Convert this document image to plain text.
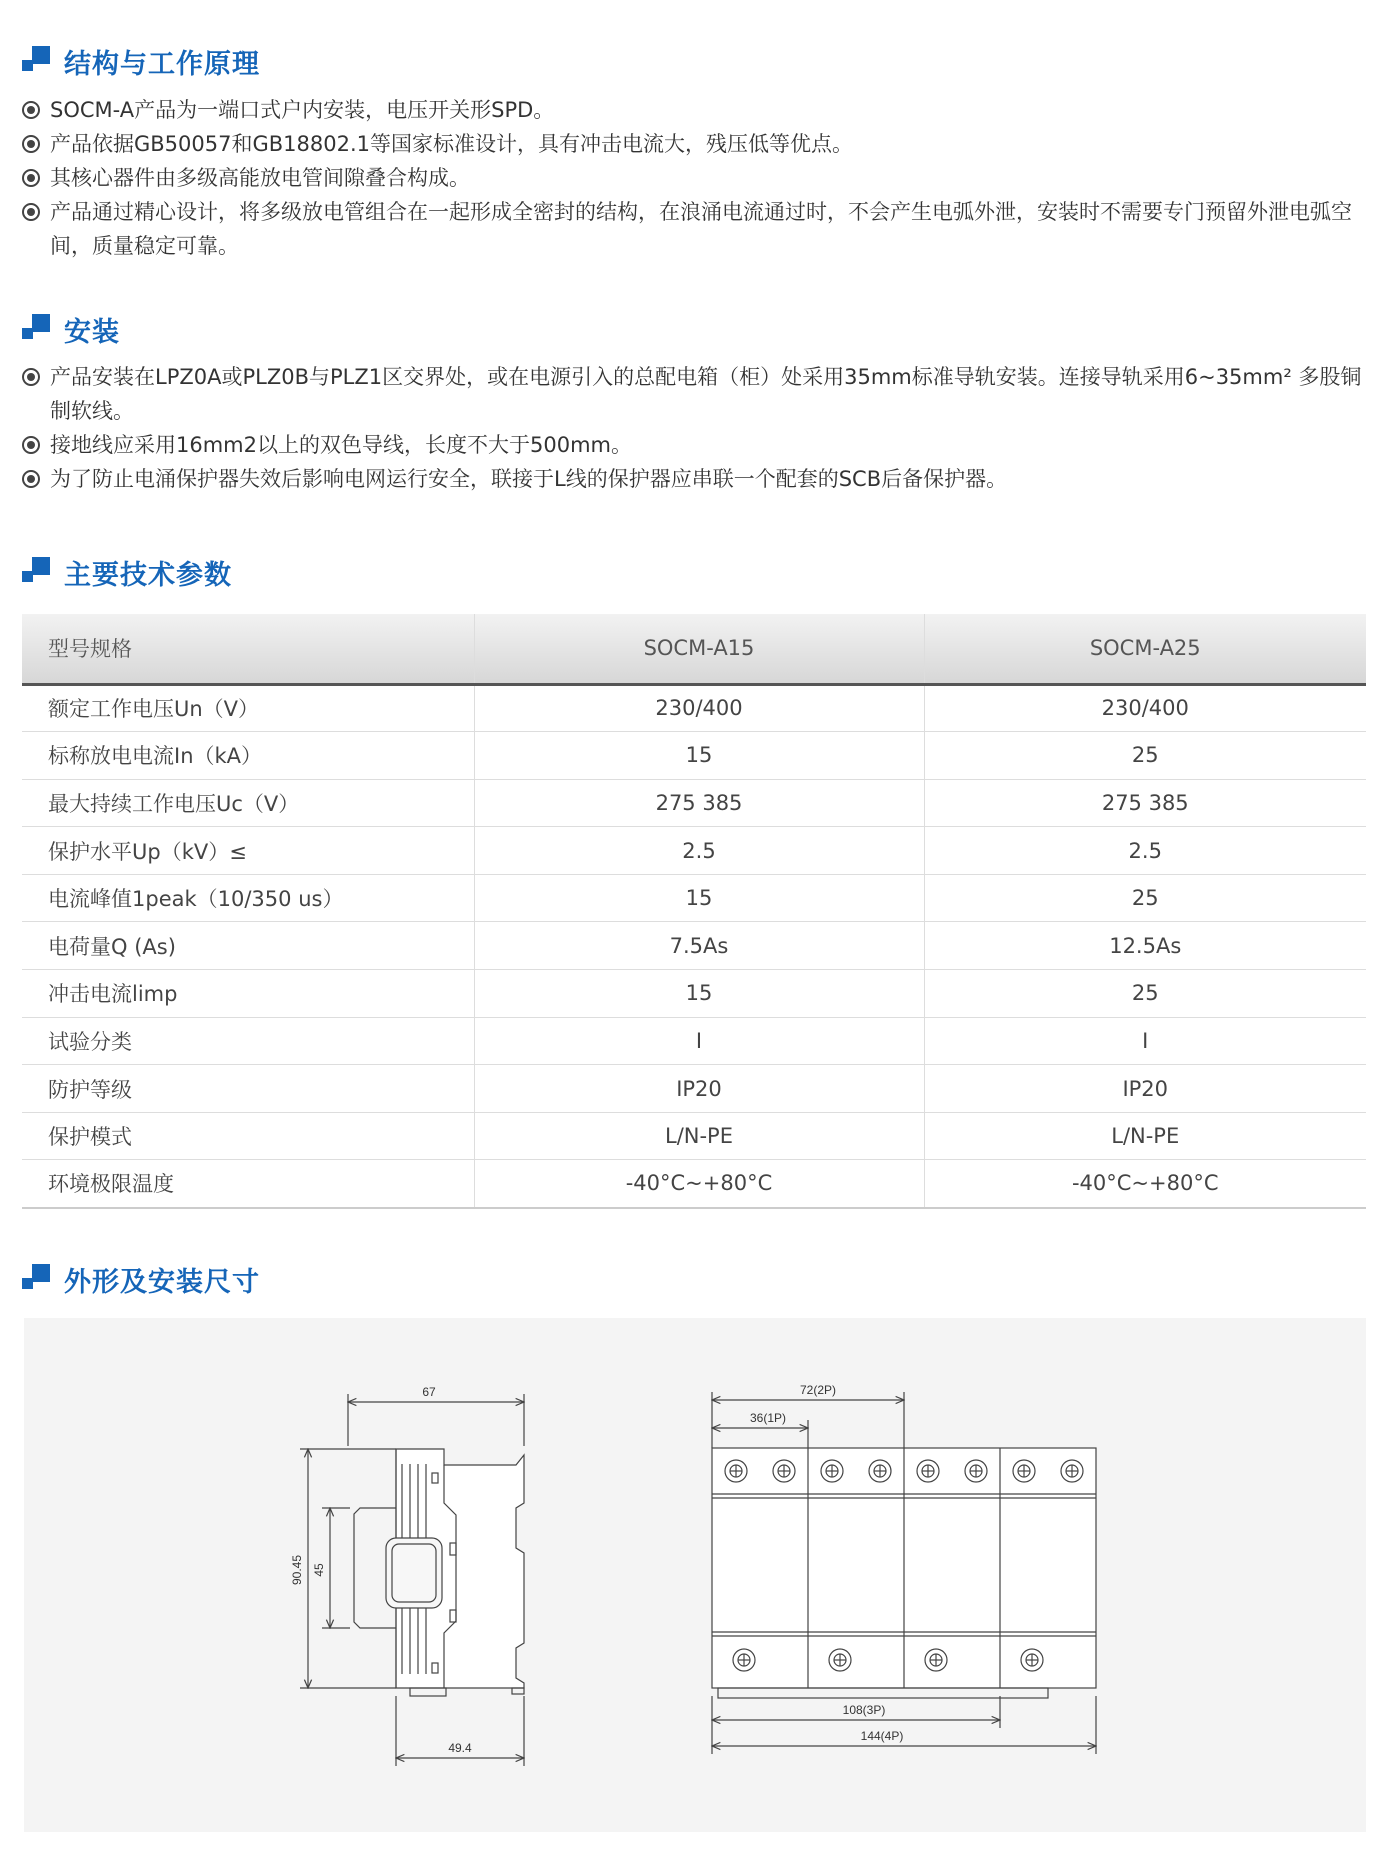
结构与工作原理
SOCM-A产品为一端口式户内安装，电压开关形SPD。
产品依据GB50057和GB18802.1等国家标准设计，具有冲击电流大，残压低等优点。
其核心器件由多级高能放电管间隙叠合构成。
产品通过精心设计，将多级放电管组合在一起形成全密封的结构，在浪涌电流通过时，不会产生电弧外泄，安装时不需要专门预留外泄电弧空间，质量稳定可靠。
安装
产品安装在LPZ0A或PLZ0B与PLZ1区交界处，或在电源引入的总配电箱（柜）处采用35mm标准导轨安装。连接导轨采用6~35mm² 多股铜制软线。
接地线应采用16mm2以上的双色导线，长度不大于500mm。
为了防止电涌保护器失效后影响电网运行安全，联接于L线的保护器应串联一个配套的SCB后备保护器。
主要技术参数
型号规格	SOCM-A15	SOCM-A25
额定工作电压Un（V）	230/400	230/400
标称放电电流In（kA）	15	25
最大持续工作电压Uc（V）	275 385	275 385
保护水平Up（kV）≤	2.5	2.5
电流峰值1peak（10/350 us）	15	25
电荷量Q (As)	7.5As	12.5As
冲击电流limp	15	25
试验分类	I	I
防护等级	IP20	IP20
保护模式	L/N-PE	L/N-PE
环境极限温度	-40°C~+80°C	-40°C~+80°C
外形及安装尺寸
67
90.45 45
49.4
72(2P)
36(1P)
108(3P)
144(4P)
